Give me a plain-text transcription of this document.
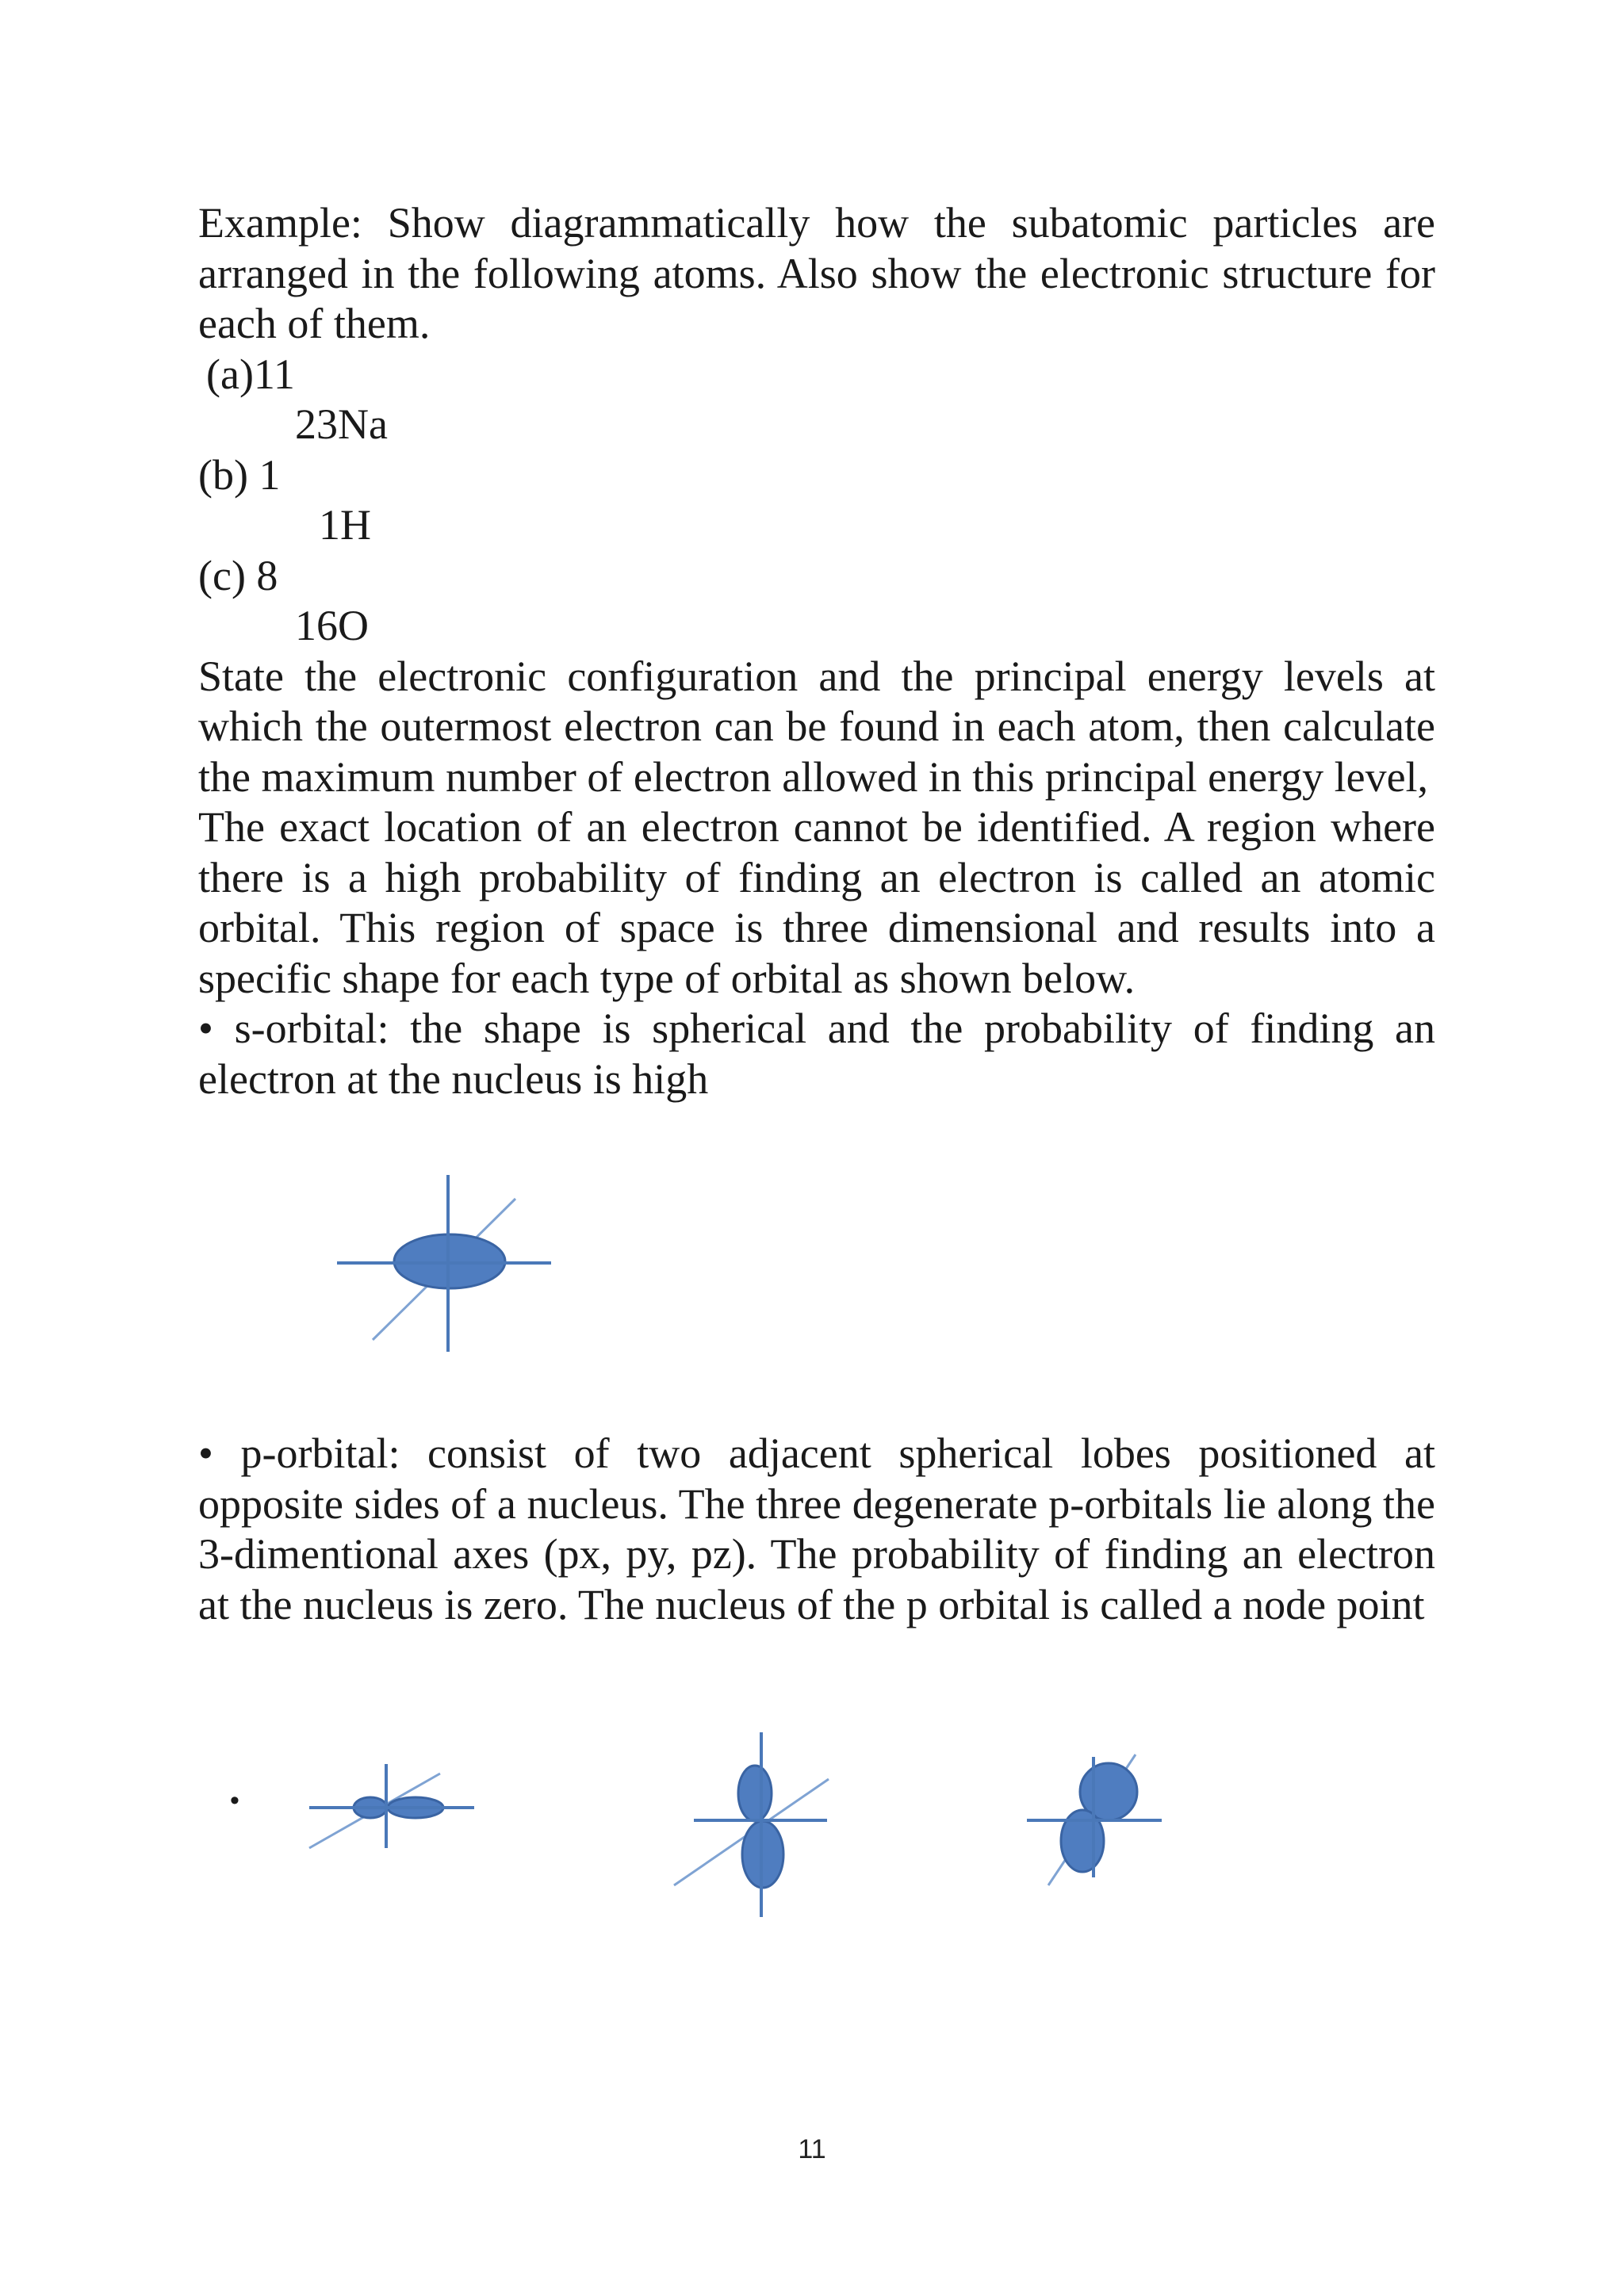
Example: Show diagrammatically how the subatomic particles are arranged in the following atoms. Also show the electronic structure for each of them.

(a)11
23Na
(b) 1
1H
(c) 8
16O

State the electronic configuration and the principal energy levels at which the outermost electron can be found in each atom, then calculate the maximum number of electron allowed in this principal energy level,

The exact location of an electron cannot be identified. A region where there is a high probability of finding an electron is called an atomic orbital. This region of space is three dimensional and results into a specific shape for each type of orbital as shown below.

• s-orbital: the shape is spherical and the probability of finding an electron at the nucleus is high

• p-orbital: consist of two adjacent spherical lobes positioned at opposite sides of a nucleus. The three degenerate p-orbitals lie along the 3-dimentional axes (px, py, pz). The probability of finding an electron at the nucleus is zero. The nucleus of the p orbital is called a node point

•
11
